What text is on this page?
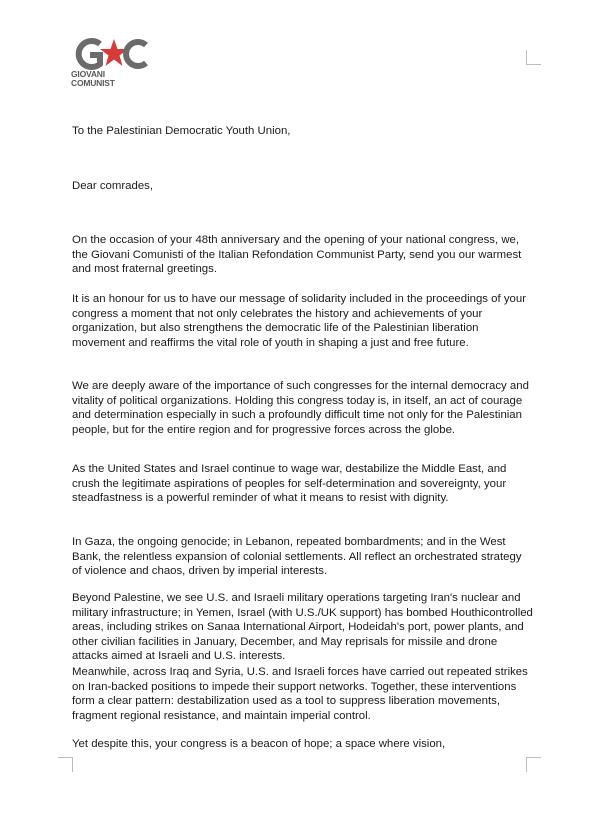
GIOVANI
COMUNIST

To the Palestinian Democratic Youth Union,

Dear comrades,

On the occasion of your 48th anniversary and the opening of your national congress, we, the Giovani Comunisti of the Italian Refondation Communist Party, send you our warmest and most fraternal greetings.

It is an honour for us to have our message of solidarity included in the proceedings of your congress a moment that not only celebrates the history and achievements of your organization, but also strengthens the democratic life of the Palestinian liberation movement and reaffirms the vital role of youth in shaping a just and free future.

We are deeply aware of the importance of such congresses for the internal democracy and vitality of political organizations. Holding this congress today is, in itself, an act of courage and determination especially in such a profoundly difficult time not only for the Palestinian people, but for the entire region and for progressive forces across the globe.

As the United States and Israel continue to wage war, destabilize the Middle East, and crush the legitimate aspirations of peoples for self-determination and sovereignty, your steadfastness is a powerful reminder of what it means to resist with dignity.

In Gaza, the ongoing genocide; in Lebanon, repeated bombardments; and in the West Bank, the relentless expansion of colonial settlements. All reflect an orchestrated strategy of violence and chaos, driven by imperial interests.

Beyond Palestine, we see U.S. and Israeli military operations targeting Iran's nuclear and military infrastructure; in Yemen, Israel (with U.S./UK support) has bombed Houthicontrolled areas, including strikes on Sanaa International Airport, Hodeidah's port, power plants, and other civilian facilities in January, December, and May reprisals for missile and drone attacks aimed at Israeli and U.S. interests.

Meanwhile, across Iraq and Syria, U.S. and Israeli forces have carried out repeated strikes on Iran-backed positions to impede their support networks. Together, these interventions form a clear pattern: destabilization used as a tool to suppress liberation movements, fragment regional resistance, and maintain imperial control.

Yet despite this, your congress is a beacon of hope; a space where vision,
